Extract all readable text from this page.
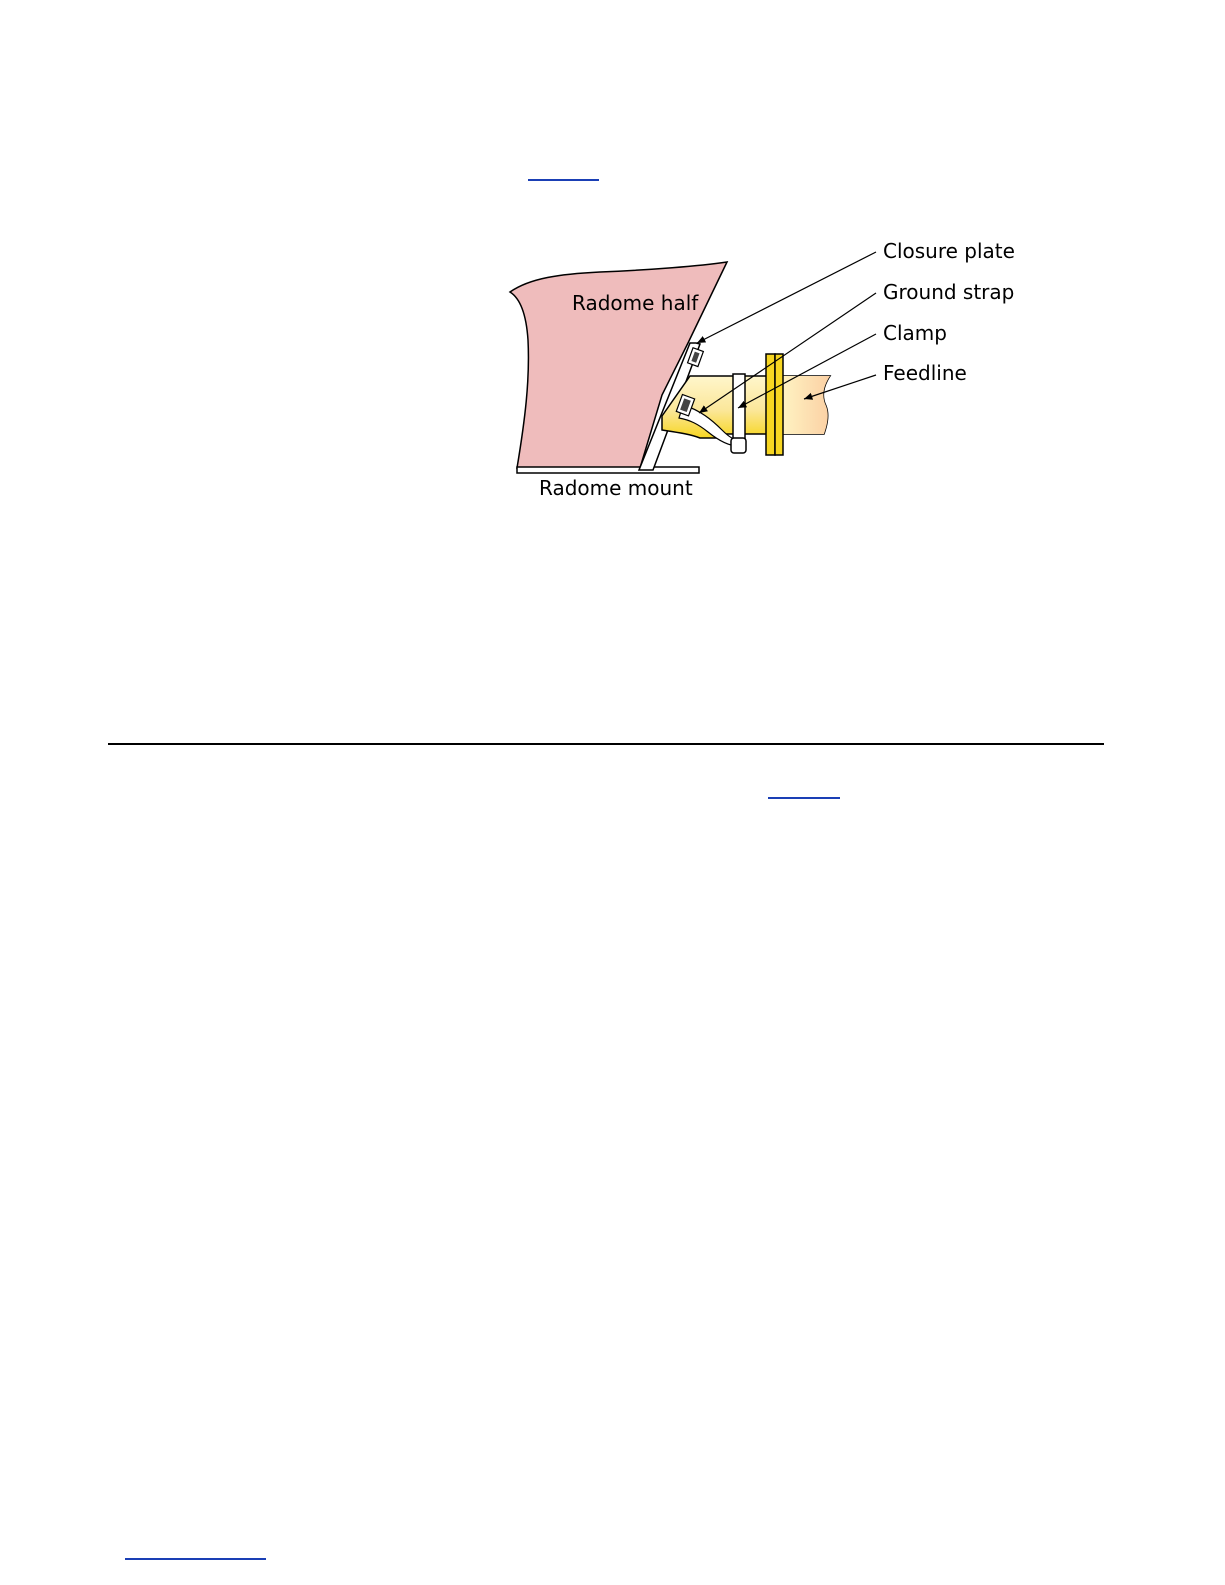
Radome half
Radome mount
Closure plate
Ground strap
Clamp
Feedline
